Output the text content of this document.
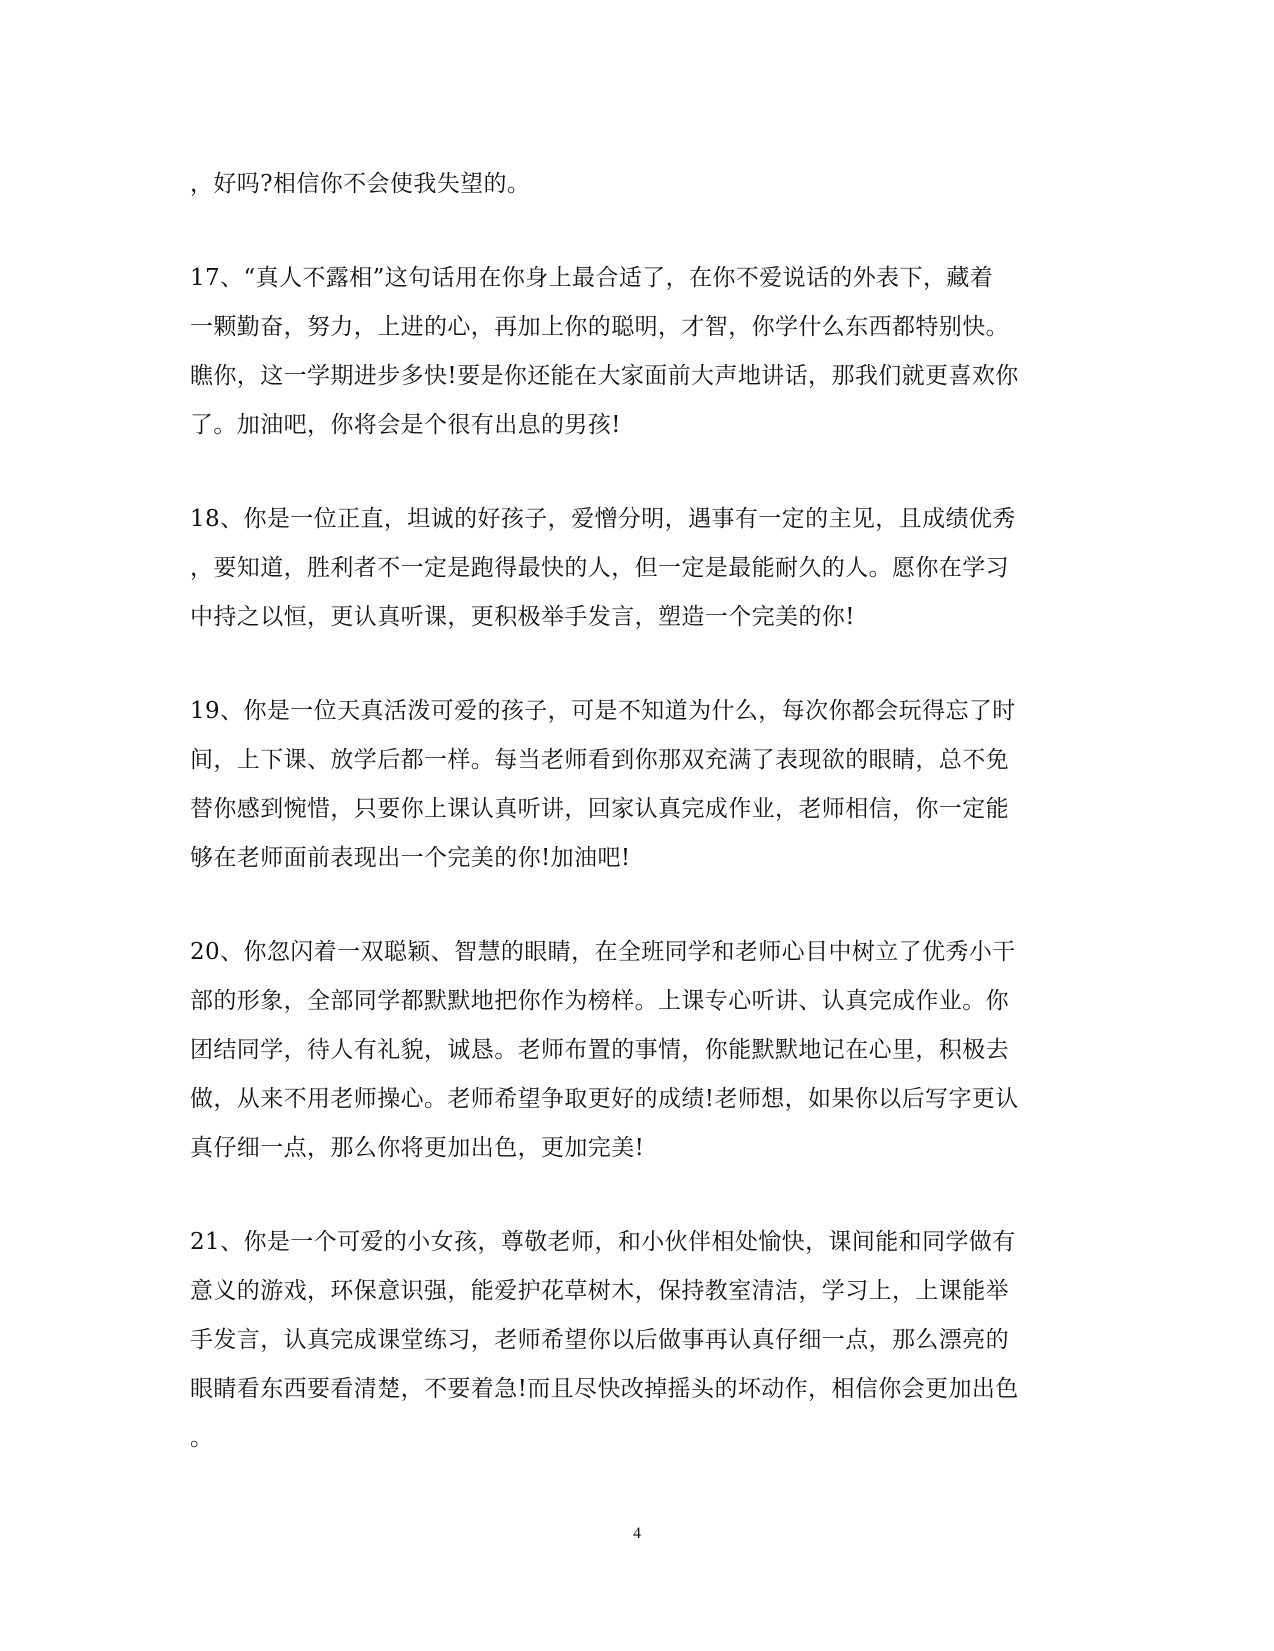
，好吗?相信你不会使我失望的。

17、“真人不露相”这句话用在你身上最合适了，在你不爱说话的外表下，藏着
一颗勤奋，努力，上进的心，再加上你的聪明，才智，你学什么东西都特别快。
瞧你，这一学期进步多快!要是你还能在大家面前大声地讲话，那我们就更喜欢你
了。加油吧，你将会是个很有出息的男孩!

18、你是一位正直，坦诚的好孩子，爱憎分明，遇事有一定的主见，且成绩优秀
，要知道，胜利者不一定是跑得最快的人，但一定是最能耐久的人。愿你在学习
中持之以恒，更认真听课，更积极举手发言，塑造一个完美的你!

19、你是一位天真活泼可爱的孩子，可是不知道为什么，每次你都会玩得忘了时
间，上下课、放学后都一样。每当老师看到你那双充满了表现欲的眼睛，总不免
替你感到惋惜，只要你上课认真听讲，回家认真完成作业，老师相信，你一定能
够在老师面前表现出一个完美的你!加油吧!

20、你忽闪着一双聪颖、智慧的眼睛，在全班同学和老师心目中树立了优秀小干
部的形象，全部同学都默默地把你作为榜样。上课专心听讲、认真完成作业。你
团结同学，待人有礼貌，诚恳。老师布置的事情，你能默默地记在心里，积极去
做，从来不用老师操心。老师希望争取更好的成绩!老师想，如果你以后写字更认
真仔细一点，那么你将更加出色，更加完美!

21、你是一个可爱的小女孩，尊敬老师，和小伙伴相处愉快，课间能和同学做有
意义的游戏，环保意识强，能爱护花草树木，保持教室清洁，学习上，上课能举
手发言，认真完成课堂练习，老师希望你以后做事再认真仔细一点，那么漂亮的
眼睛看东西要看清楚，不要着急!而且尽快改掉摇头的坏动作，相信你会更加出色
。

4
